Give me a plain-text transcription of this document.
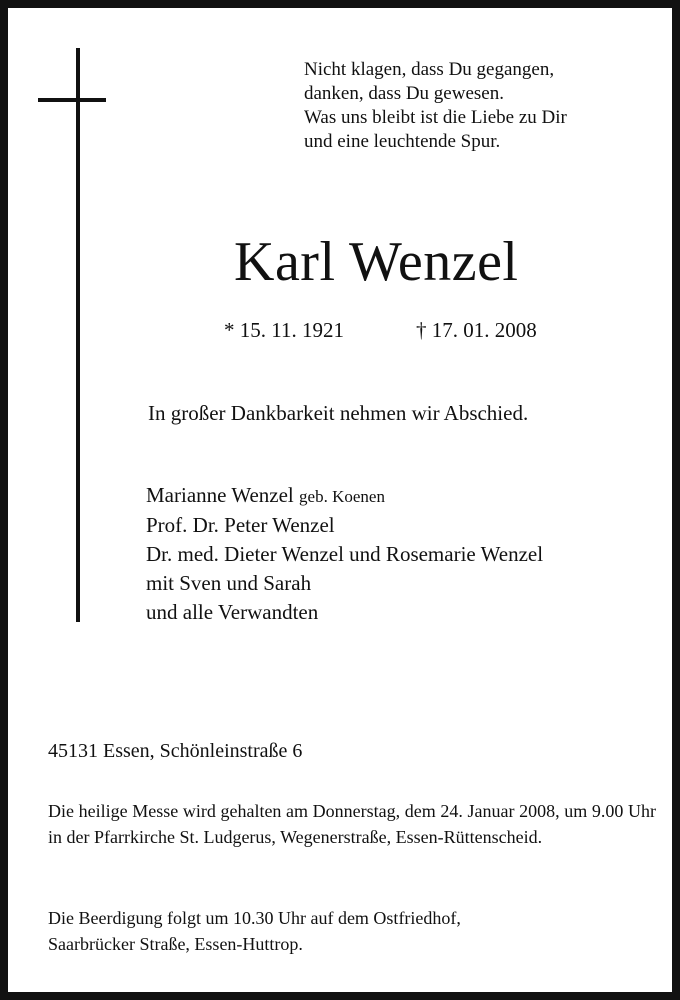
Nicht klagen, dass Du gegangen,
danken, dass Du gewesen.
Was uns bleibt ist die Liebe zu Dir
und eine leuchtende Spur.
Karl Wenzel
* 15. 11. 1921	† 17. 01. 2008
In großer Dankbarkeit nehmen wir Abschied.
Marianne Wenzel geb. Koenen
Prof. Dr. Peter Wenzel
Dr. med. Dieter Wenzel und Rosemarie Wenzel
mit Sven und Sarah
und alle Verwandten
45131 Essen, Schönleinstraße 6
Die heilige Messe wird gehalten am Donnerstag, dem 24. Januar 2008, um 9.00 Uhr in der Pfarrkirche St. Ludgerus, Wegenerstraße, Essen-Rüttenscheid.
Die Beerdigung folgt um 10.30 Uhr auf dem Ostfriedhof,
Saarbrücker Straße, Essen-Huttrop.
